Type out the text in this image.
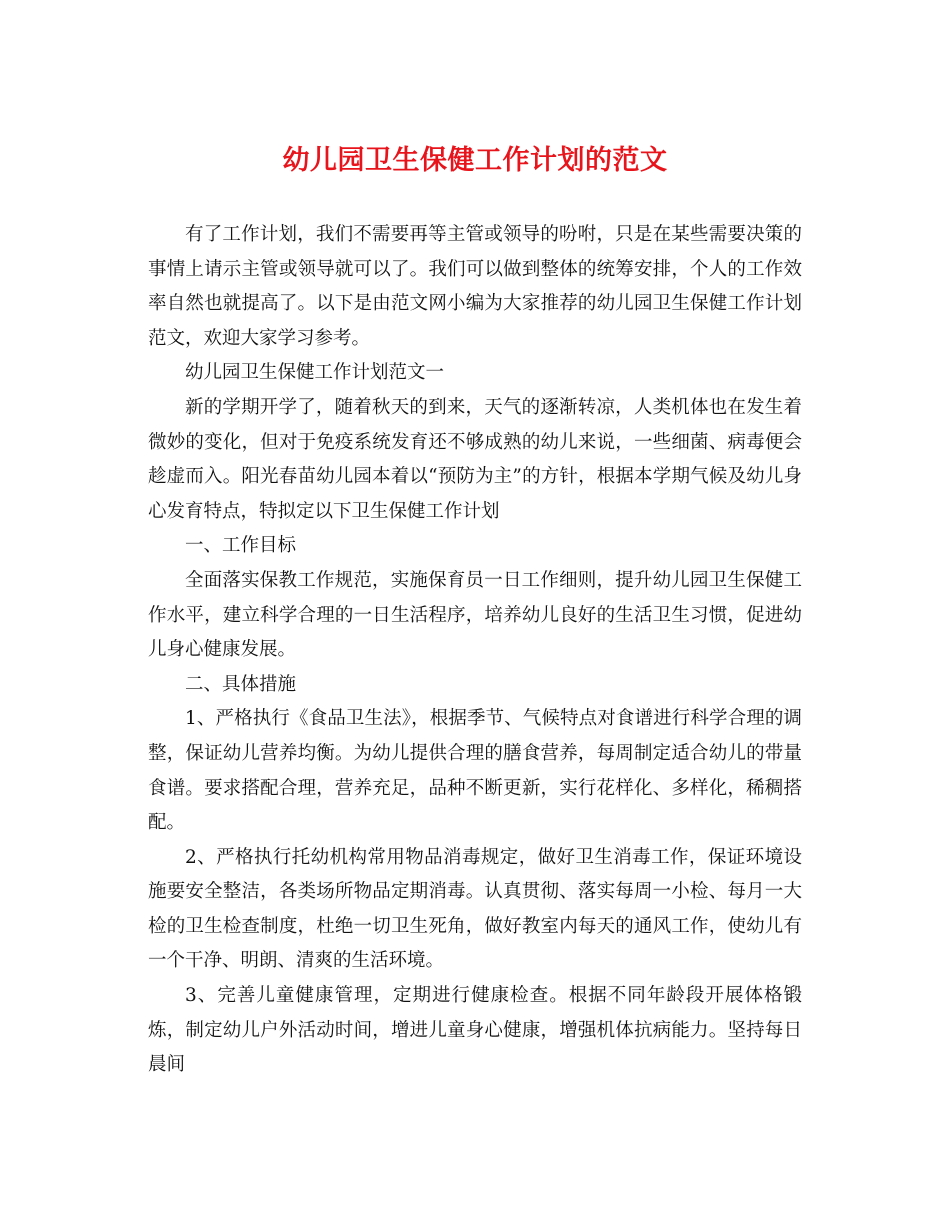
幼儿园卫生保健工作计划的范文

有了工作计划，我们不需要再等主管或领导的吩咐，只是在某些需要决策的事情上请示主管或领导就可以了。我们可以做到整体的统筹安排，个人的工作效率自然也就提高了。以下是由范文网小编为大家推荐的幼儿园卫生保健工作计划范文，欢迎大家学习参考。

幼儿园卫生保健工作计划范文一

新的学期开学了，随着秋天的到来，天气的逐渐转凉，人类机体也在发生着微妙的变化，但对于免疫系统发育还不够成熟的幼儿来说，一些细菌、病毒便会趁虚而入。阳光春苗幼儿园本着以“预防为主”的方针，根据本学期气候及幼儿身心发育特点，特拟定以下卫生保健工作计划

一、工作目标

全面落实保教工作规范，实施保育员一日工作细则，提升幼儿园卫生保健工作水平，建立科学合理的一日生活程序，培养幼儿良好的生活卫生习惯，促进幼儿身心健康发展。

二、具体措施

1、严格执行《食品卫生法》，根据季节、气候特点对食谱进行科学合理的调整，保证幼儿营养均衡。为幼儿提供合理的膳食营养，每周制定适合幼儿的带量食谱。要求搭配合理，营养充足，品种不断更新，实行花样化、多样化，稀稠搭配。

2、严格执行托幼机构常用物品消毒规定，做好卫生消毒工作，保证环境设施要安全整洁，各类场所物品定期消毒。认真贯彻、落实每周一小检、每月一大检的卫生检查制度，杜绝一切卫生死角，做好教室内每天的通风工作，使幼儿有一个干净、明朗、清爽的生活环境。

3、完善儿童健康管理，定期进行健康检查。根据不同年龄段开展体格锻炼，制定幼儿户外活动时间，增进儿童身心健康，增强机体抗病能力。坚持每日晨间
